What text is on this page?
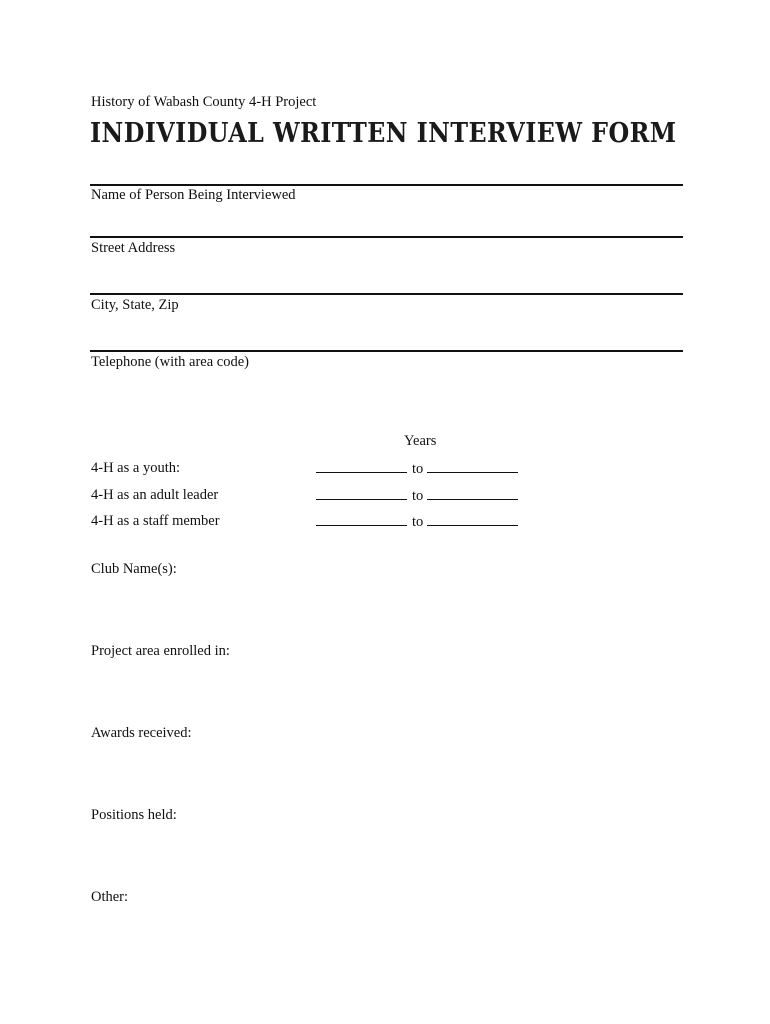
History of Wabash County 4-H Project
INDIVIDUAL WRITTEN INTERVIEW FORM
Name of Person Being Interviewed
Street Address
City, State, Zip
Telephone (with area code)
Years
4-H as a youth:	to
4-H as an adult leader	to
4-H as a staff member	to
Club Name(s):
Project area enrolled in:
Awards received:
Positions held:
Other:
